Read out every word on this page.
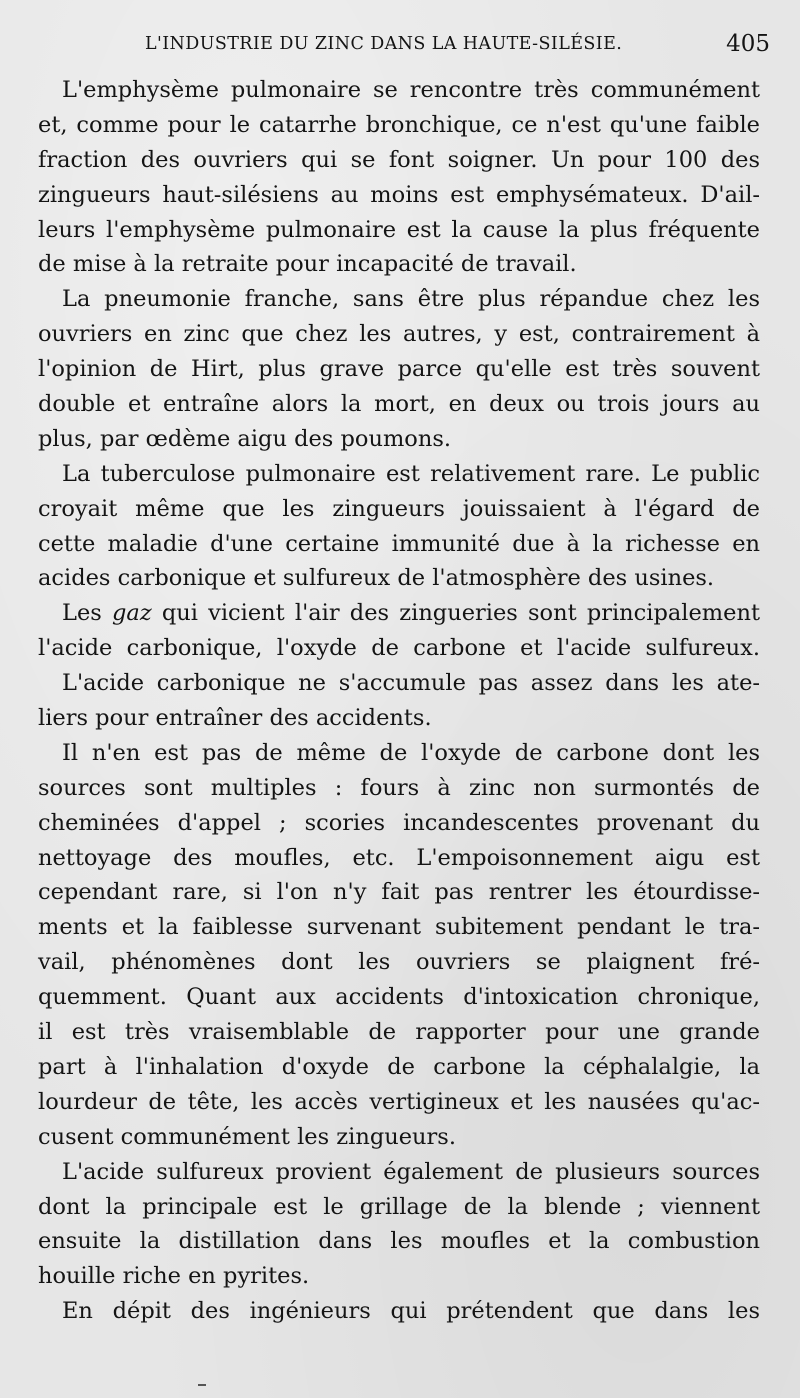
L'INDUSTRIE DU ZINC DANS LA HAUTE-SILÉSIE.	405
L'emphysème pulmonaire se rencontre très communément
et, comme pour le catarrhe bronchique, ce n'est qu'une faible
fraction des ouvriers qui se font soigner. Un pour 100 des
zingueurs haut-silésiens au moins est emphysémateux. D'ail-
leurs l'emphysème pulmonaire est la cause la plus fréquente
de mise à la retraite pour incapacité de travail.
La pneumonie franche, sans être plus répandue chez les
ouvriers en zinc que chez les autres, y est, contrairement à
l'opinion de Hirt, plus grave parce qu'elle est très souvent
double et entraîne alors la mort, en deux ou trois jours au
plus, par œdème aigu des poumons.
La tuberculose pulmonaire est relativement rare. Le public
croyait même que les zingueurs jouissaient à l'égard de
cette maladie d'une certaine immunité due à la richesse en
acides carbonique et sulfureux de l'atmosphère des usines.
Les gaz qui vicient l'air des zingueries sont principalement
l'acide carbonique, l'oxyde de carbone et l'acide sulfureux.
L'acide carbonique ne s'accumule pas assez dans les ate-
liers pour entraîner des accidents.
Il n'en est pas de même de l'oxyde de carbone dont les
sources sont multiples : fours à zinc non surmontés de
cheminées d'appel ; scories incandescentes provenant du
nettoyage des moufles, etc. L'empoisonnement aigu est
cependant rare, si l'on n'y fait pas rentrer les étourdisse-
ments et la faiblesse survenant subitement pendant le tra-
vail, phénomènes dont les ouvriers se plaignent fré-
quemment. Quant aux accidents d'intoxication chronique,
il est très vraisemblable de rapporter pour une grande
part à l'inhalation d'oxyde de carbone la céphalalgie, la
lourdeur de tête, les accès vertigineux et les nausées qu'ac-
cusent communément les zingueurs.
L'acide sulfureux provient également de plusieurs sources
dont la principale est le grillage de la blende ; viennent
ensuite la distillation dans les moufles et la combustion
houille riche en pyrites.
En dépit des ingénieurs qui prétendent que dans les
